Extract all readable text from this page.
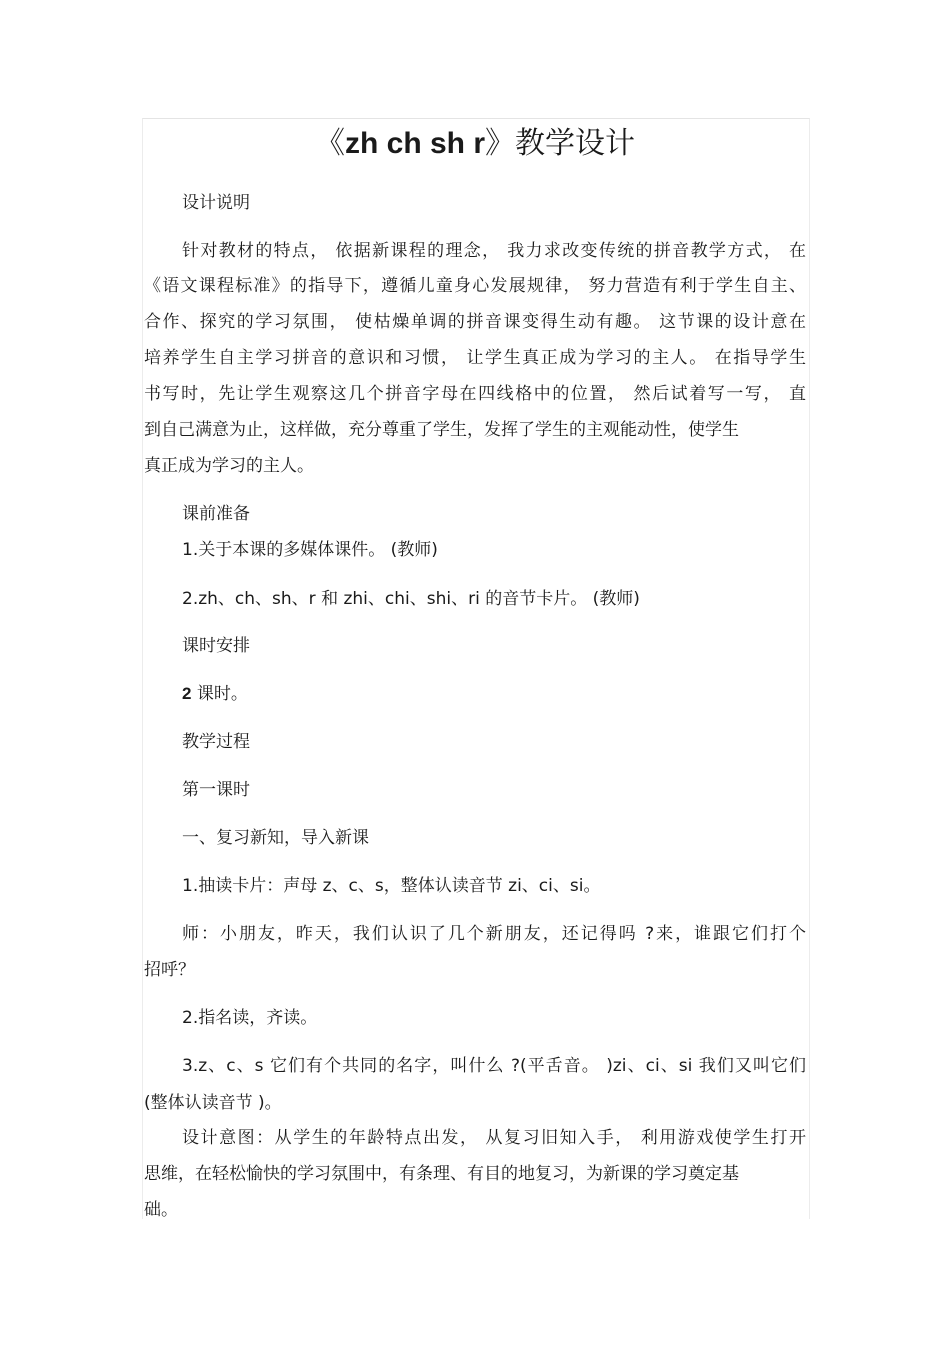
《zh ch sh r》教学设计
设计说明
针对教材的特点， 依据新课程的理念， 我力求改变传统的拼音教学方式， 在
《语文课程标准》的指导下，遵循儿童身心发展规律， 努力营造有利于学生自主、
合作、探究的学习氛围， 使枯燥单调的拼音课变得生动有趣。 这节课的设计意在
培养学生自主学习拼音的意识和习惯， 让学生真正成为学习的主人。 在指导学生
书写时，先让学生观察这几个拼音字母在四线格中的位置， 然后试着写一写， 直
到自己满意为止，这样做，充分尊重了学生，发挥了学生的主观能动性，使学生
真正成为学习的主人。
课前准备
1.关于本课的多媒体课件。 (教师)
2.zh、ch、sh、r 和 zhi、chi、shi、ri 的音节卡片。 (教师)
课时安排
2 课时。
教学过程
第一课时
一、复习新知，导入新课
1.抽读卡片：声母 z、c、s，整体认读音节 zi、ci、si。
师：小朋友，昨天，我们认识了几个新朋友，还记得吗 ?来，谁跟它们打个
招呼？
2.指名读，齐读。
3.z、c、s 它们有个共同的名字，叫什么 ?(平舌音。 )zi、ci、si 我们又叫它们
(整体认读音节 )。
设计意图：从学生的年龄特点出发， 从复习旧知入手， 利用游戏使学生打开
思维，在轻松愉快的学习氛围中，有条理、有目的地复习，为新课的学习奠定基
础。
